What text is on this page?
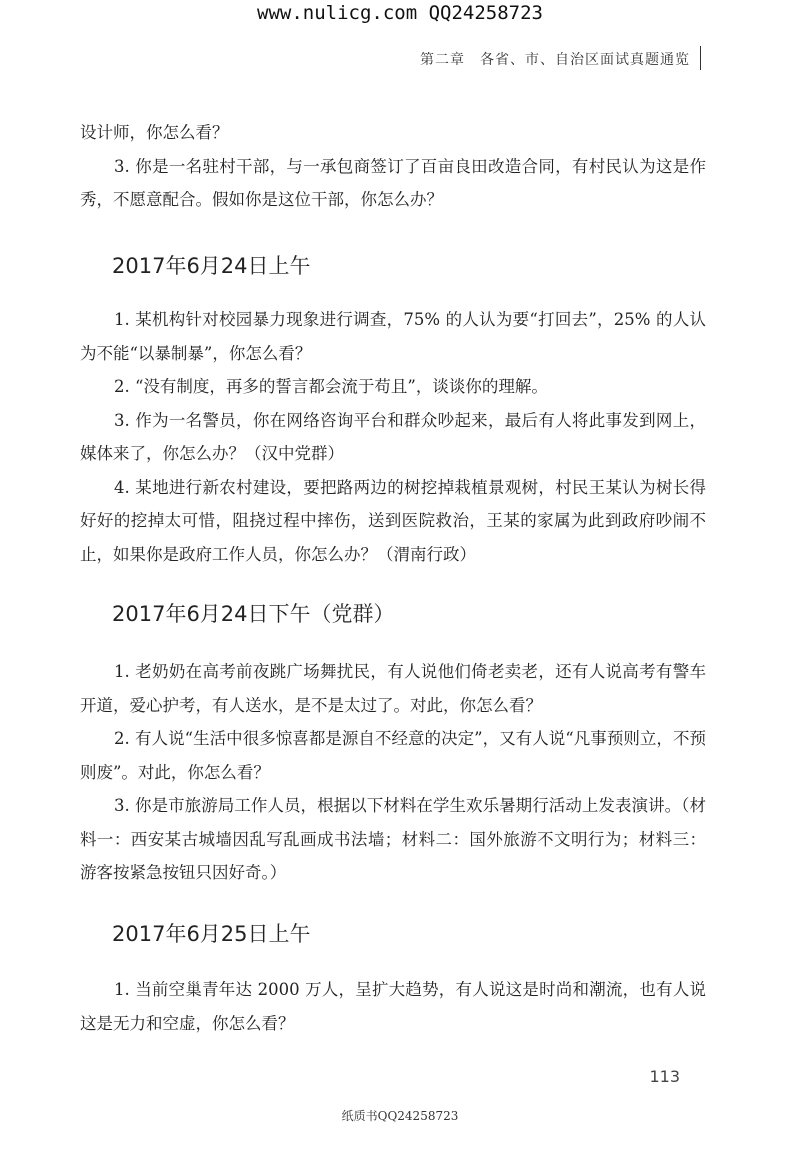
www.nulicg.com QQ24258723
第二章　各省、市、自治区面试真题通览

设计师，你怎么看？

3. 你是一名驻村干部，与一承包商签订了百亩良田改造合同，有村民认为这是作秀，不愿意配合。假如你是这位干部，你怎么办？

2017年6月24日上午

1. 某机构针对校园暴力现象进行调查，75% 的人认为要“打回去”，25% 的人认为不能“以暴制暴”，你怎么看？

2. “没有制度，再多的誓言都会流于苟且”，谈谈你的理解。

3. 作为一名警员，你在网络咨询平台和群众吵起来，最后有人将此事发到网上，媒体来了，你怎么办？（汉中党群）

4. 某地进行新农村建设，要把路两边的树挖掉栽植景观树，村民王某认为树长得好好的挖掉太可惜，阻挠过程中摔伤，送到医院救治，王某的家属为此到政府吵闹不止，如果你是政府工作人员，你怎么办？（渭南行政）

2017年6月24日下午（党群）

1. 老奶奶在高考前夜跳广场舞扰民，有人说他们倚老卖老，还有人说高考有警车开道，爱心护考，有人送水，是不是太过了。对此，你怎么看？

2. 有人说“生活中很多惊喜都是源自不经意的决定”，又有人说“凡事预则立，不预则废”。对此，你怎么看？

3. 你是市旅游局工作人员，根据以下材料在学生欢乐暑期行活动上发表演讲。（材料一：西安某古城墙因乱写乱画成书法墙；材料二：国外旅游不文明行为；材料三：游客按紧急按钮只因好奇。）

2017年6月25日上午

1. 当前空巢青年达 2000 万人，呈扩大趋势，有人说这是时尚和潮流，也有人说这是无力和空虚，你怎么看？

113
纸质书QQ24258723
